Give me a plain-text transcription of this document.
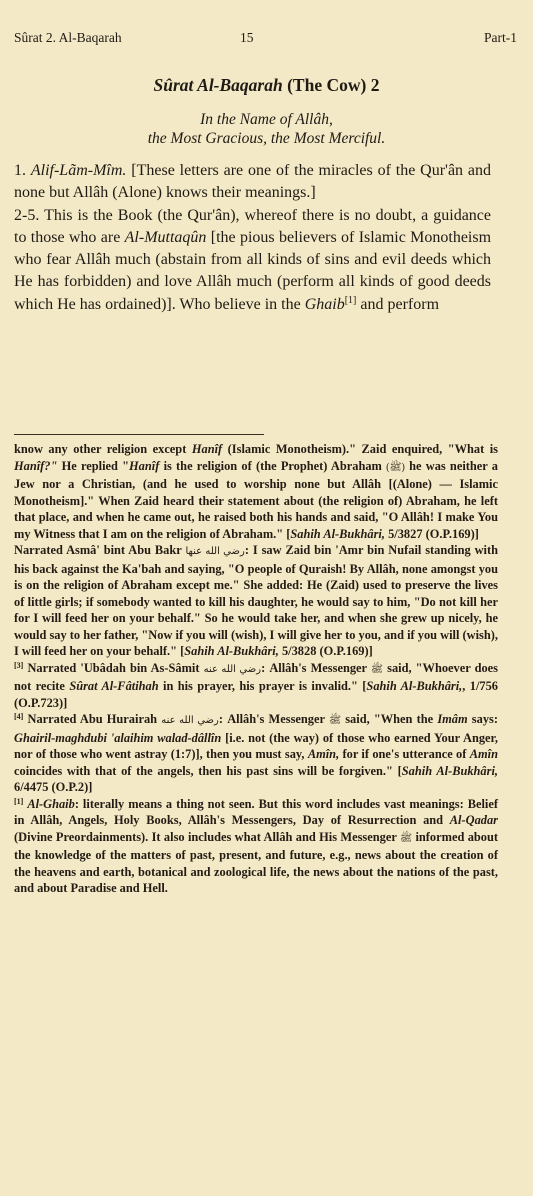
Sûrat 2. Al-Baqarah	15	Part-1
Sûrat Al-Baqarah (The Cow) 2
In the Name of Allâh,
the Most Gracious, the Most Merciful.

1. Alif-Lãm-Mîm. [These letters are one of the miracles of the Qur'ân and none but Allâh (Alone) knows their meanings.]

2-5. This is the Book (the Qur'ân), whereof there is no doubt, a guidance to those who are Al-Muttaqûn [the pious believers of Islamic Monotheism who fear Allâh much (abstain from all kinds of sins and evil deeds which He has forbidden) and love Allâh much (perform all kinds of good deeds which He has ordained)]. Who believe in the Ghaib[1] and perform

know any other religion except Hanîf (Islamic Monotheism)." Zaid enquired, "What is Hanîf?" He replied "Hanîf is the religion of (the Prophet) Abraham (ﷺ) he was neither a Jew nor a Christian, (and he used to worship none but Allâh [(Alone) — Islamic Monotheism]." When Zaid heard their statement about (the religion of) Abraham, he left that place, and when he came out, he raised both his hands and said, "O Allâh! I make You my Witness that I am on the religion of Abraham." [Sahih Al-Bukhâri, 5/3827 (O.P.169)]

Narrated Asmâ' bint Abu Bakr رضي الله عنها: I saw Zaid bin 'Amr bin Nufail standing with his back against the Ka'bah and saying, "O people of Quraish! By Allâh, none amongst you is on the religion of Abraham except me." She added: He (Zaid) used to preserve the lives of little girls; if somebody wanted to kill his daughter, he would say to him, "Do not kill her for I will feed her on your behalf." So he would take her, and when she grew up nicely, he would say to her father, "Now if you will (wish), I will give her to you, and if you will (wish), I will feed her on your behalf." [Sahih Al-Bukhâri, 5/3828 (O.P.169)]

[3] Narrated 'Ubâdah bin As-Sâmit رضي الله عنه: Allâh's Messenger ﷺ said, "Whoever does not recite Sûrat Al-Fâtihah in his prayer, his prayer is invalid." [Sahih Al-Bukhâri,, 1/756 (O.P.723)]

[4] Narrated Abu Hurairah رضي الله عنه: Allâh's Messenger ﷺ said, "When the Imâm says: Ghairil-maghdubi 'alaihim walad-dâllîn [i.e. not (the way) of those who earned Your Anger, nor of those who went astray (1:7)], then you must say, Amîn, for if one's utterance of Amîn coincides with that of the angels, then his past sins will be forgiven." [Sahih Al-Bukhâri, 6/4475 (O.P.2)]

[1] Al-Ghaib: literally means a thing not seen. But this word includes vast meanings: Belief in Allâh, Angels, Holy Books, Allâh's Messengers, Day of Resurrection and Al-Qadar (Divine Preordainments). It also includes what Allâh and His Messenger ﷺ informed about the knowledge of the matters of past, present, and future, e.g., news about the creation of the heavens and earth, botanical and zoological life, the news about the nations of the past, and about Paradise and Hell.
